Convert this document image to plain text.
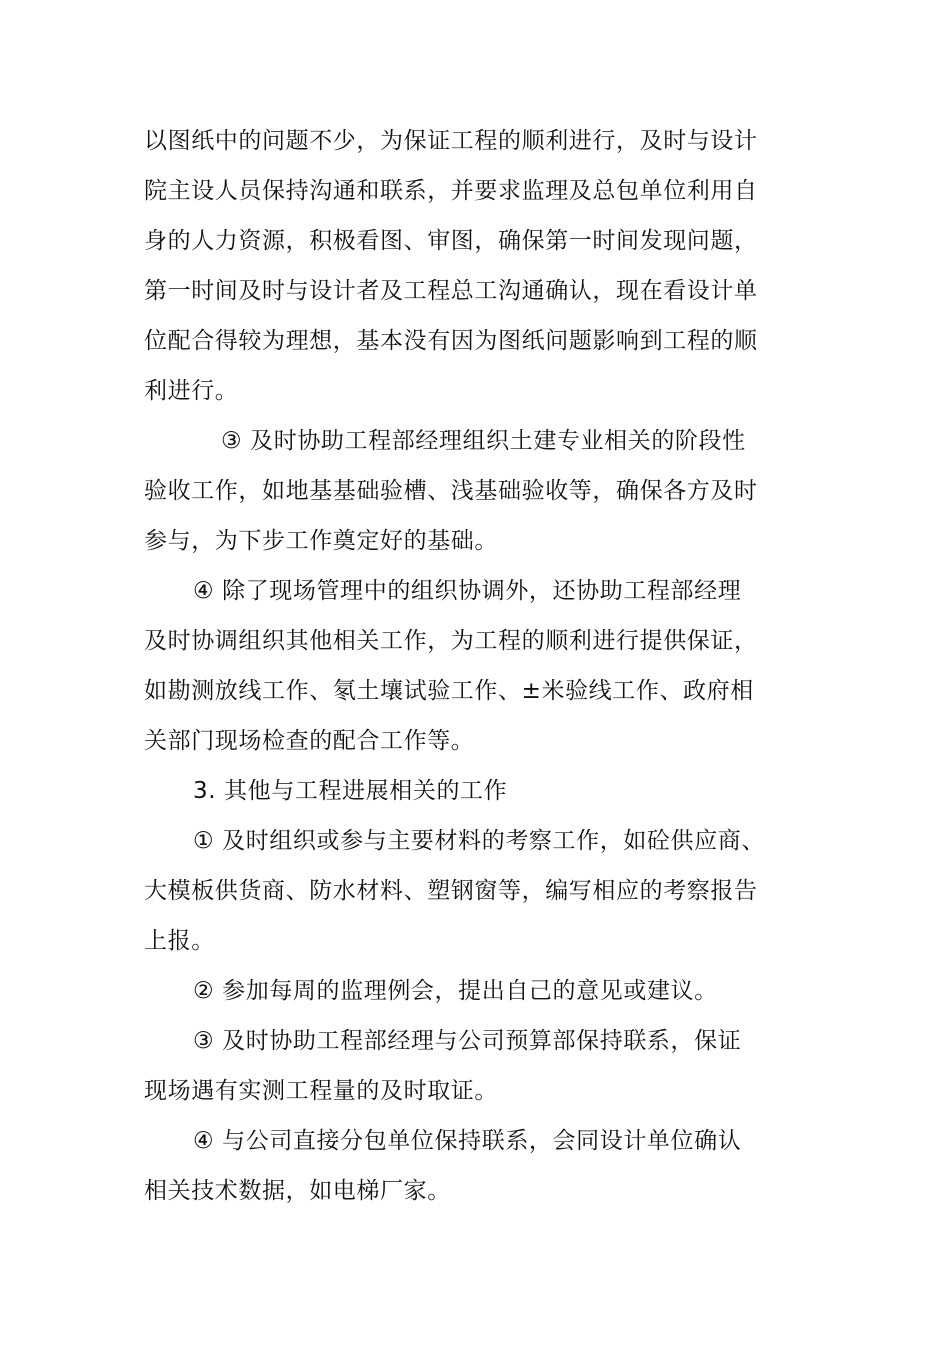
以图纸中的问题不少，为保证工程的顺利进行，及时与设计
院主设人员保持沟通和联系，并要求监理及总包单位利用自
身的人力资源，积极看图、审图，确保第一时间发现问题，
第一时间及时与设计者及工程总工沟通确认，现在看设计单
位配合得较为理想，基本没有因为图纸问题影响到工程的顺
利进行。
③ 及时协助工程部经理组织土建专业相关的阶段性
验收工作，如地基基础验槽、浅基础验收等，确保各方及时
参与，为下步工作奠定好的基础。
④ 除了现场管理中的组织协调外，还协助工程部经理
及时协调组织其他相关工作，为工程的顺利进行提供保证，
如勘测放线工作、氡土壤试验工作、±米验线工作、政府相
关部门现场检查的配合工作等。
3. 其他与工程进展相关的工作
① 及时组织或参与主要材料的考察工作，如砼供应商、
大模板供货商、防水材料、塑钢窗等，编写相应的考察报告
上报。
② 参加每周的监理例会，提出自己的意见或建议。
③ 及时协助工程部经理与公司预算部保持联系，保证
现场遇有实测工程量的及时取证。
④ 与公司直接分包单位保持联系，会同设计单位确认
相关技术数据，如电梯厂家。
